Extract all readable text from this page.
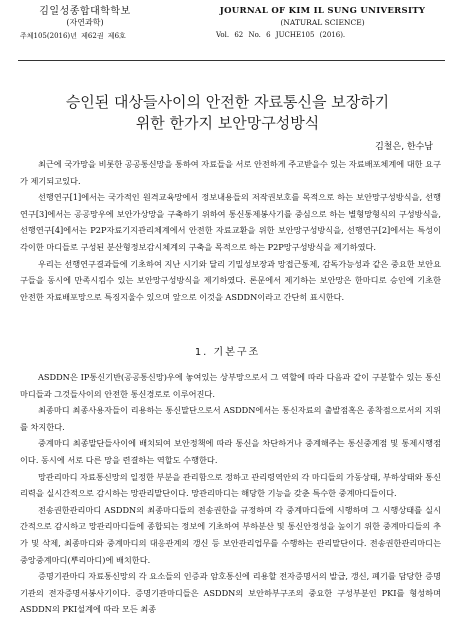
김일성종합대학학보
(자연과학)
주체105(2016)년 제62권 제6호
JOURNAL OF KIM IL SUNG UNIVERSITY
(NATURAL SCIENCE)
Vol. 62 No. 6 JUCHE105 (2016).
승인된 대상들사이의 안전한 자료통신을 보장하기
위한 한가지 보안망구성방식
김철은, 한수남

최근에 국가망을 비롯한 공공통신망을 통하여 자료들을 서로 안전하게 주고받을수 있는 자료배포체계에 대한 요구가 제기되고있다.

선행연구[1]에서는 국가적인 원격교육망에서 정보내용들의 저작권보호를 목적으로 하는 보안망구성방식을, 선행연구[3]에서는 공공망우에 보안가상망을 구축하기 위하여 통신통제봉사기를 중심으로 하는 별형망형식의 구성방식을, 선행연구[4]에서는 P2P자료기지관리체계에서 안전한 자료교환을 위한 보안망구성방식을, 선행연구[2]에서는 특성이 각이한 마디들로 구성된 분산형정보감시체계의 구축을 목적으로 하는 P2P망구성방식을 제기하였다.

우리는 선행연구결과들에 기초하여 지난 시기와 달리 기밀성보장과 망접근통제, 감독가능성과 같은 중요한 보안요구들을 동시에 만족시킴수 있는 보안망구성방식을 제기하였다. 론문에서 제기하는 보안망은 한마디로 승인에 기초한 안전한 자료배포망으로 특징지울수 있으며 앞으로 이것을 ASDDN이라고 간단히 표시한다.

1. 기본구조

ASDDN은 IP통신기반(공공통신망)우에 놓여있는 상부망으로서 그 역할에 따라 다음과 같이 구분할수 있는 통신마디들과 그것들사이의 안전한 통신경로로 이루어진다.

최종마디 최종사용자들이 리용하는 통신말단으로서 ASDDN에서는 통신자료의 출발점혹은 종착점으로서의 지위를 차지한다.

중계마디 최종말단들사이에 배치되여 보안정책에 따라 통신을 차단하거나 중계해주는 통신중계점 및 통제시행점이다. 동시에 서로 다른 망을 련결하는 역할도 수행한다.

망관리마디 자료통신망의 일정한 부분을 관리함으로 정하고 관리령역안의 각 마디들의 가동상태, 부하상태와 통신리력을 실시간적으로 감시하는 망관리말단이다. 망관리마디는 해당한 기능을 갖춘 특수한 중계마디들이다.

전송권한관리마디 ASDDN의 최종마디들의 전송권한을 규정하며 각 중계마디들에 시행하며 그 시행상태를 실시간적으로 감시하고 망관리마디들에 종합되는 정보에 기초하여 부하분산 및 통신안정성을 높이기 위한 중계마디들의 추가 및 삭제, 최종마디와 중계마디의 대응관계의 갱신 등 보안관리업무를 수행하는 관리말단이다. 전송권한관리마디는 중앙중계마디(뿌리마디)에 배치한다.

증명기관마디 자료통신망의 각 요소들의 인증과 암호통신에 리용할 전자증명서의 발급, 갱신, 폐기를 담당한 증명기관의 전자증명서봉사기이다. 증명기관마디들은 ASDDN의 보안하부구조의 중요한 구성부분인 PKI를 형성하며 ASDDN의 PKI설계에 따라 모든 최종
